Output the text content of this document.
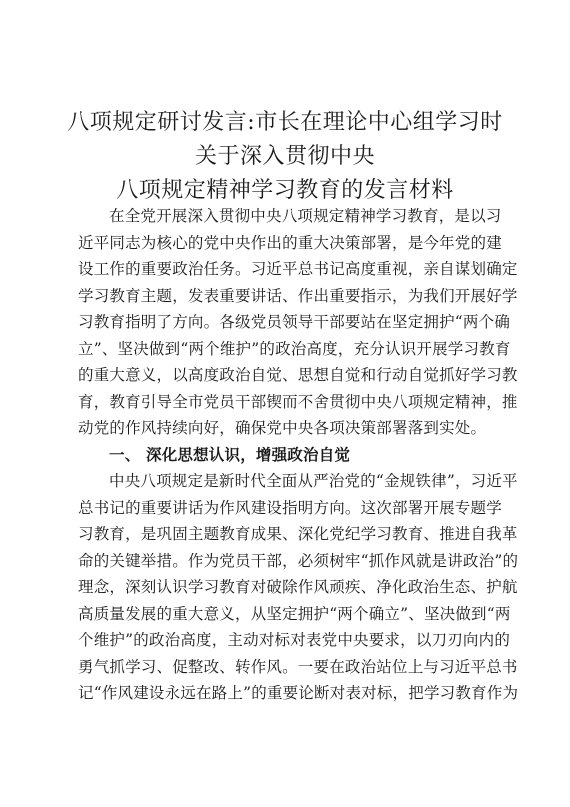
八项规定研讨发言:市长在理论中心组学习时
关于深入贯彻中央
八项规定精神学习教育的发言材料
在全党开展深入贯彻中央八项规定精神学习教育，是以习
近平同志为核心的党中央作出的重大决策部署，是今年党的建
设工作的重要政治任务。习近平总书记高度重视，亲自谋划确定
学习教育主题，发表重要讲话、作出重要指示，为我们开展好学
习教育指明了方向。各级党员领导干部要站在坚定拥护“两个确
立”、坚决做到“两个维护”的政治高度，充分认识开展学习教育
的重大意义，以高度政治自觉、思想自觉和行动自觉抓好学习教
育，教育引导全市党员干部锲而不舍贯彻中央八项规定精神，推
动党的作风持续向好，确保党中央各项决策部署落到实处。
一、 深化思想认识，增强政治自觉
中央八项规定是新时代全面从严治党的“金规铁律”，习近平
总书记的重要讲话为作风建设指明方向。这次部署开展专题学
习教育，是巩固主题教育成果、深化党纪学习教育、推进自我革
命的关键举措。作为党员干部，必须树牢“抓作风就是讲政治”的
理念，深刻认识学习教育对破除作风顽疾、净化政治生态、护航
高质量发展的重大意义，从坚定拥护“两个确立”、坚决做到“两
个维护”的政治高度，主动对标对表党中央要求，以刀刃向内的
勇气抓学习、促整改、转作风。一要在政治站位上与习近平总书
记“作风建设永远在路上”的重要论断对表对标，把学习教育作为
